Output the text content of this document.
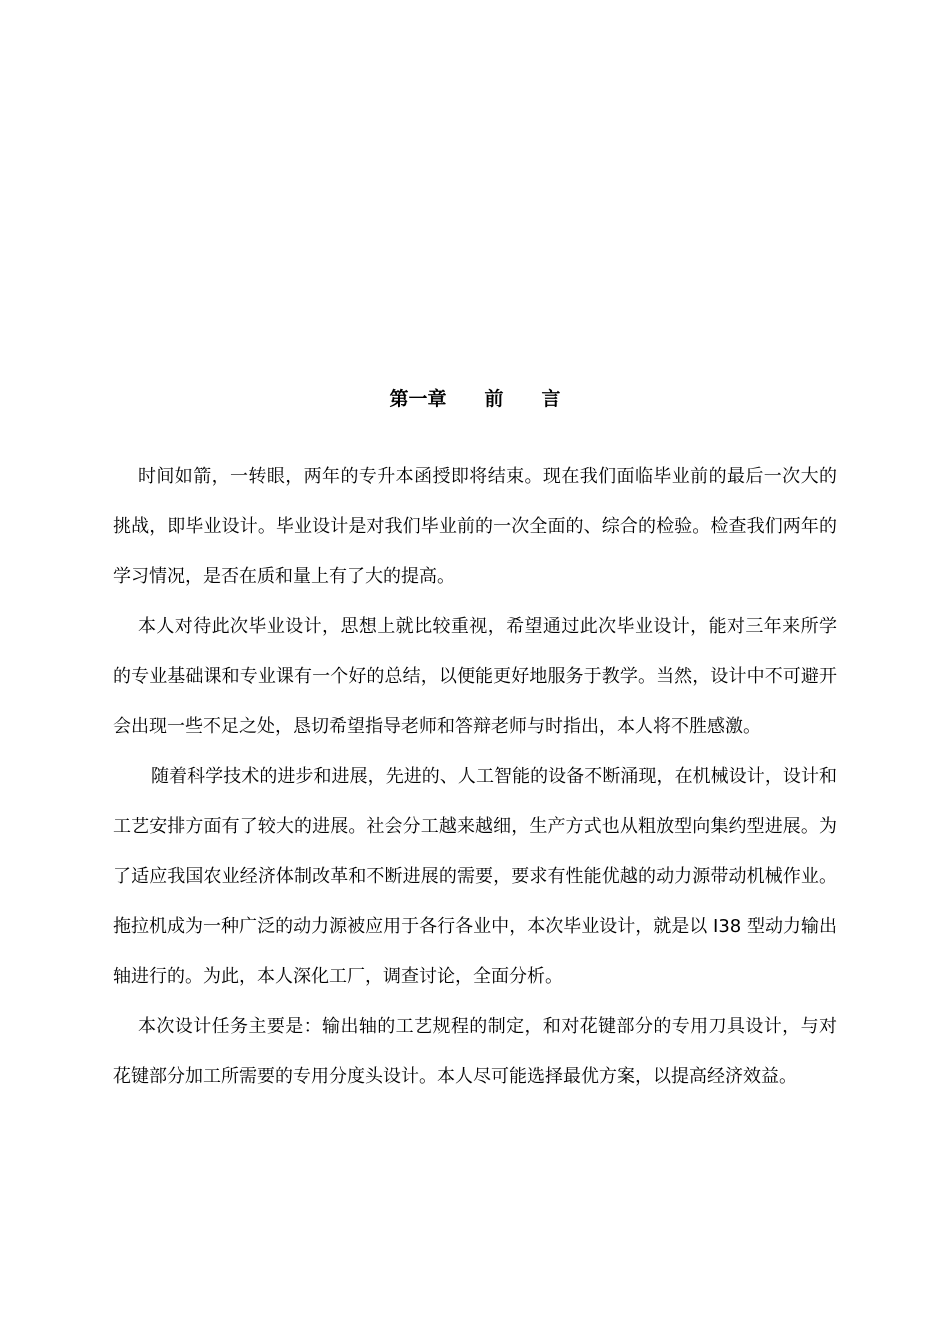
第一章　　前　　言

时间如箭，一转眼，两年的专升本函授即将结束。现在我们面临毕业前的最后一次大的挑战，即毕业设计。毕业设计是对我们毕业前的一次全面的、综合的检验。检查我们两年的学习情况，是否在质和量上有了大的提高。

本人对待此次毕业设计，思想上就比较重视，希望通过此次毕业设计，能对三年来所学的专业基础课和专业课有一个好的总结，以便能更好地服务于教学。当然，设计中不可避开会出现一些不足之处，恳切希望指导老师和答辩老师与时指出，本人将不胜感激。

随着科学技术的进步和进展，先进的、人工智能的设备不断涌现，在机械设计，设计和工艺安排方面有了较大的进展。社会分工越来越细，生产方式也从粗放型向集约型进展。为了适应我国农业经济体制改革和不断进展的需要，要求有性能优越的动力源带动机械作业。拖拉机成为一种广泛的动力源被应用于各行各业中，本次毕业设计，就是以 I38 型动力输出轴进行的。为此，本人深化工厂，调查讨论，全面分析。

本次设计任务主要是：输出轴的工艺规程的制定，和对花键部分的专用刀具设计，与对花键部分加工所需要的专用分度头设计。本人尽可能选择最优方案，以提高经济效益。
